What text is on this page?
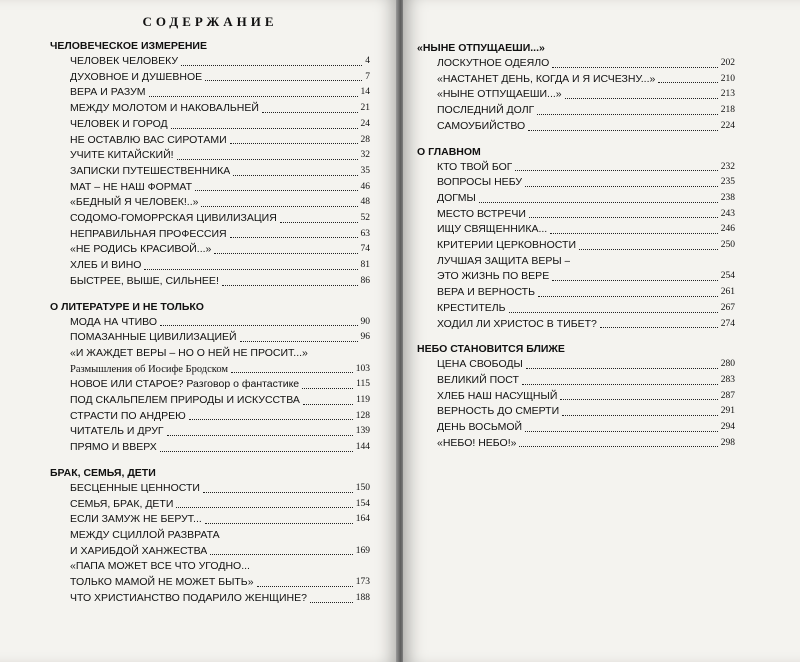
СОДЕРЖАНИЕ
ЧЕЛОВЕЧЕСКОЕ ИЗМЕРЕНИЕ
ЧЕЛОВЕК ЧЕЛОВЕКУ	4
ДУХОВНОЕ И ДУШЕВНОЕ	7
ВЕРА И РАЗУМ	14
МЕЖДУ МОЛОТОМ И НАКОВАЛЬНЕЙ	21
ЧЕЛОВЕК И ГОРОД	24
НЕ ОСТАВЛЮ ВАС СИРОТАМИ	28
УЧИТЕ КИТАЙСКИЙ!	32
ЗАПИСКИ ПУТЕШЕСТВЕННИКА	35
МАТ – НЕ НАШ ФОРМАТ	46
«БЕДНЫЙ Я ЧЕЛОВЕК!..»	48
СОДОМО-ГОМОРРСКАЯ ЦИВИЛИЗАЦИЯ	52
НЕПРАВИЛЬНАЯ ПРОФЕССИЯ	63
«НЕ РОДИСЬ КРАСИВОЙ...»	74
ХЛЕБ И ВИНО	81
БЫСТРЕЕ, ВЫШЕ, СИЛЬНЕЕ!	86
О ЛИТЕРАТУРЕ И НЕ ТОЛЬКО
МОДА НА ЧТИВО	90
ПОМАЗАННЫЕ ЦИВИЛИЗАЦИЕЙ	96
«И ЖАЖДЕТ ВЕРЫ – НО О НЕЙ НЕ ПРОСИТ...»
Размышления об Иосифе Бродском	103
НОВОЕ ИЛИ СТАРОЕ? Разговор о фантастике	115
ПОД СКАЛЬПЕЛЕМ ПРИРОДЫ И ИСКУССТВА	119
СТРАСТИ ПО АНДРЕЮ	128
ЧИТАТЕЛЬ И ДРУГ	139
ПРЯМО И ВВЕРХ	144
БРАК, СЕМЬЯ, ДЕТИ
БЕСЦЕННЫЕ ЦЕННОСТИ	150
СЕМЬЯ, БРАК, ДЕТИ	154
ЕСЛИ ЗАМУЖ НЕ БЕРУТ...	164
МЕЖДУ СЦИЛЛОЙ РАЗВРАТА
И ХАРИБДОЙ ХАНЖЕСТВА	169
«ПАПА МОЖЕТ ВСЕ ЧТО УГОДНО...
ТОЛЬКО МАМОЙ НЕ МОЖЕТ БЫТЬ»	173
ЧТО ХРИСТИАНСТВО ПОДАРИЛО ЖЕНЩИНЕ?	188
«НЫНЕ ОТПУЩАЕШИ...»
ЛОСКУТНОЕ ОДЕЯЛО	202
«НАСТАНЕТ ДЕНЬ, КОГДА И Я ИСЧЕЗНУ...»	210
«НЫНЕ ОТПУЩАЕШИ...»	213
ПОСЛЕДНИЙ ДОЛГ	218
САМОУБИЙСТВО	224
О ГЛАВНОМ
КТО ТВОЙ БОГ	232
ВОПРОСЫ НЕБУ	235
ДОГМЫ	238
МЕСТО ВСТРЕЧИ	243
ИЩУ СВЯЩЕННИКА...	246
КРИТЕРИИ ЦЕРКОВНОСТИ	250
ЛУЧШАЯ ЗАЩИТА ВЕРЫ –
ЭТО ЖИЗНЬ ПО ВЕРЕ	254
ВЕРА И ВЕРНОСТЬ	261
КРЕСТИТЕЛЬ	267
ХОДИЛ ЛИ ХРИСТОС В ТИБЕТ?	274
НЕБО СТАНОВИТСЯ БЛИЖЕ
ЦЕНА СВОБОДЫ	280
ВЕЛИКИЙ ПОСТ	283
ХЛЕБ НАШ НАСУЩНЫЙ	287
ВЕРНОСТЬ ДО СМЕРТИ	291
ДЕНЬ ВОСЬМОЙ	294
«НЕБО! НЕБО!»	298
